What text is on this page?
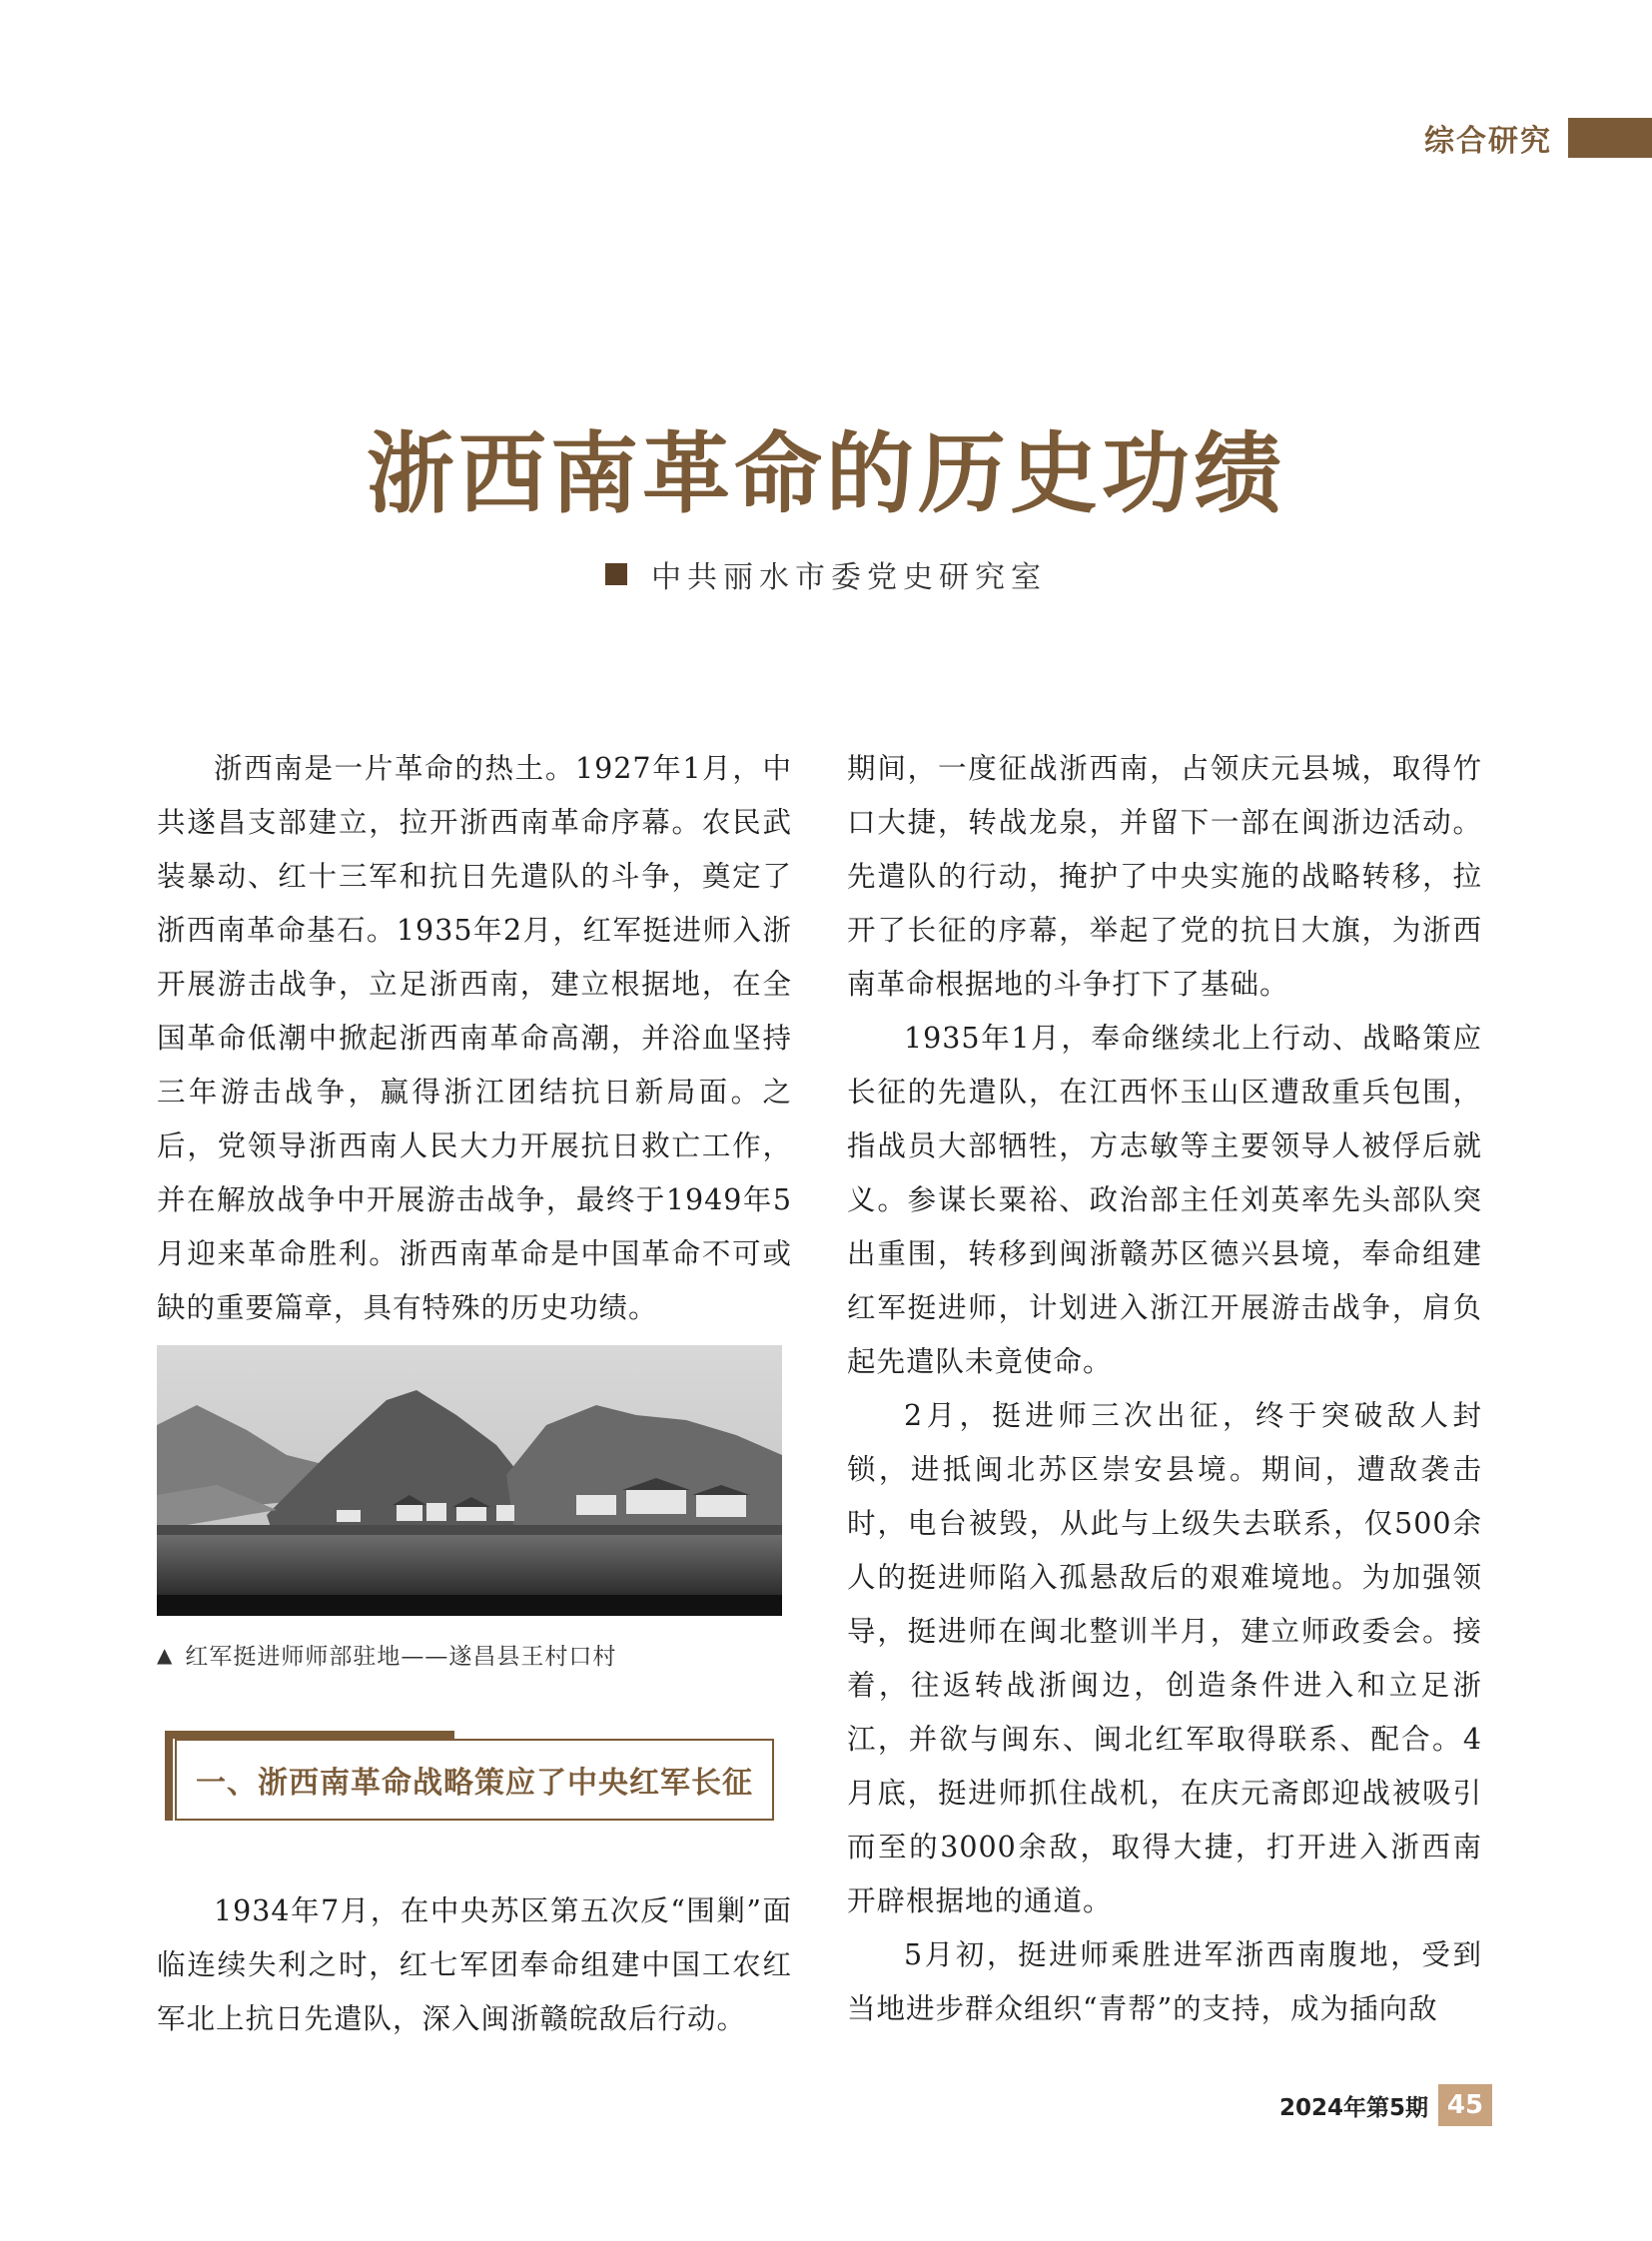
综合研究
浙西南革命的历史功绩
中共丽水市委党史研究室

浙西南是一片革命的热土。1927年1月，中共遂昌支部建立，拉开浙西南革命序幕。农民武装暴动、红十三军和抗日先遣队的斗争，奠定了浙西南革命基石。1935年2月，红军挺进师入浙开展游击战争，立足浙西南，建立根据地，在全国革命低潮中掀起浙西南革命高潮，并浴血坚持三年游击战争，赢得浙江团结抗日新局面。之后，党领导浙西南人民大力开展抗日救亡工作，并在解放战争中开展游击战争，最终于1949年5月迎来革命胜利。浙西南革命是中国革命不可或缺的重要篇章，具有特殊的历史功绩。

▲ 红军挺进师师部驻地——遂昌县王村口村
一、浙西南革命战略策应了中央红军长征

1934年7月，在中央苏区第五次反“围剿”面临连续失利之时，红七军团奉命组建中国工农红军北上抗日先遣队，深入闽浙赣皖敌后行动。

期间，一度征战浙西南，占领庆元县城，取得竹口大捷，转战龙泉，并留下一部在闽浙边活动。先遣队的行动，掩护了中央实施的战略转移，拉开了长征的序幕，举起了党的抗日大旗，为浙西南革命根据地的斗争打下了基础。

1935年1月，奉命继续北上行动、战略策应长征的先遣队，在江西怀玉山区遭敌重兵包围，指战员大部牺牲，方志敏等主要领导人被俘后就义。参谋长粟裕、政治部主任刘英率先头部队突出重围，转移到闽浙赣苏区德兴县境，奉命组建红军挺进师，计划进入浙江开展游击战争，肩负起先遣队未竟使命。

2月，挺进师三次出征，终于突破敌人封锁，进抵闽北苏区崇安县境。期间，遭敌袭击时，电台被毁，从此与上级失去联系，仅500余人的挺进师陷入孤悬敌后的艰难境地。为加强领导，挺进师在闽北整训半月，建立师政委会。接着，往返转战浙闽边，创造条件进入和立足浙江，并欲与闽东、闽北红军取得联系、配合。4月底，挺进师抓住战机，在庆元斋郎迎战被吸引而至的3000余敌，取得大捷，打开进入浙西南开辟根据地的通道。

5月初，挺进师乘胜进军浙西南腹地，受到当地进步群众组织“青帮”的支持，成为插向敌

2024年第5期 45
